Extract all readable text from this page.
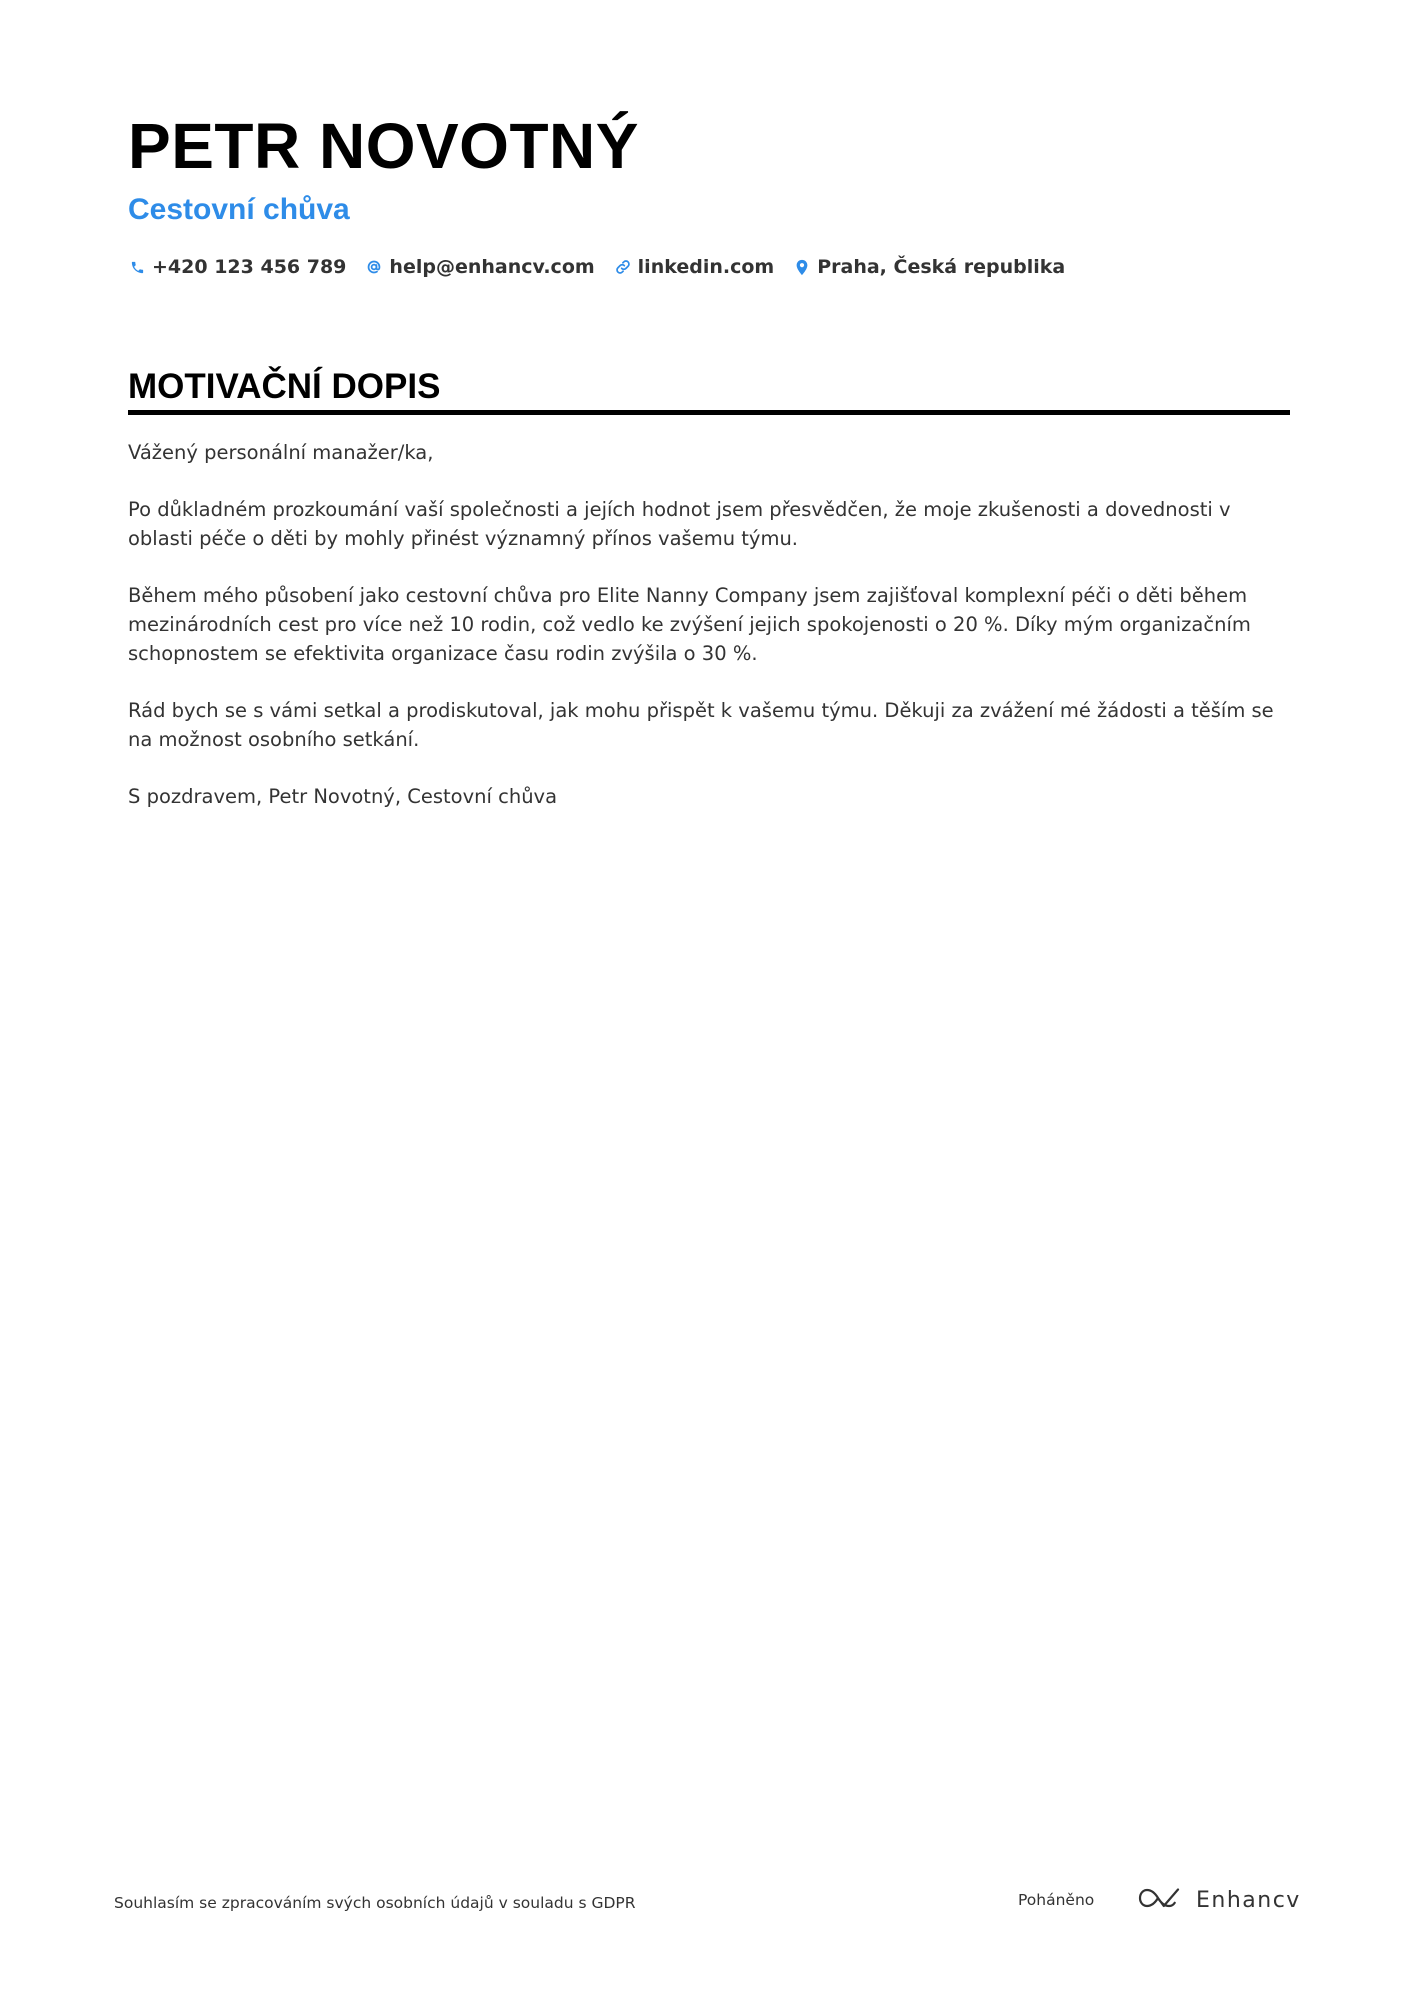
PETR NOVOTNÝ
Cestovní chůva
+420 123 456 789 help@enhancv.com linkedin.com Praha, Česká republika
MOTIVAČNÍ DOPIS

Vážený personální manažer/ka,

Po důkladném prozkoumání vaší společnosti a jejích hodnot jsem přesvědčen, že moje zkušenosti a dovednosti v oblasti péče o děti by mohly přinést významný přínos vašemu týmu.

Během mého působení jako cestovní chůva pro Elite Nanny Company jsem zajišťoval komplexní péči o děti během mezinárodních cest pro více než 10 rodin, což vedlo ke zvýšení jejich spokojenosti o 20 %. Díky mým organizačním schopnostem se efektivita organizace času rodin zvýšila o 30 %.

Rád bych se s vámi setkal a prodiskutoval, jak mohu přispět k vašemu týmu. Děkuji za zvážení mé žádosti a těším se na možnost osobního setkání.

S pozdravem, Petr Novotný, Cestovní chůva

Souhlasím se zpracováním svých osobních údajů v souladu s GDPR	Poháněno	Enhancv
